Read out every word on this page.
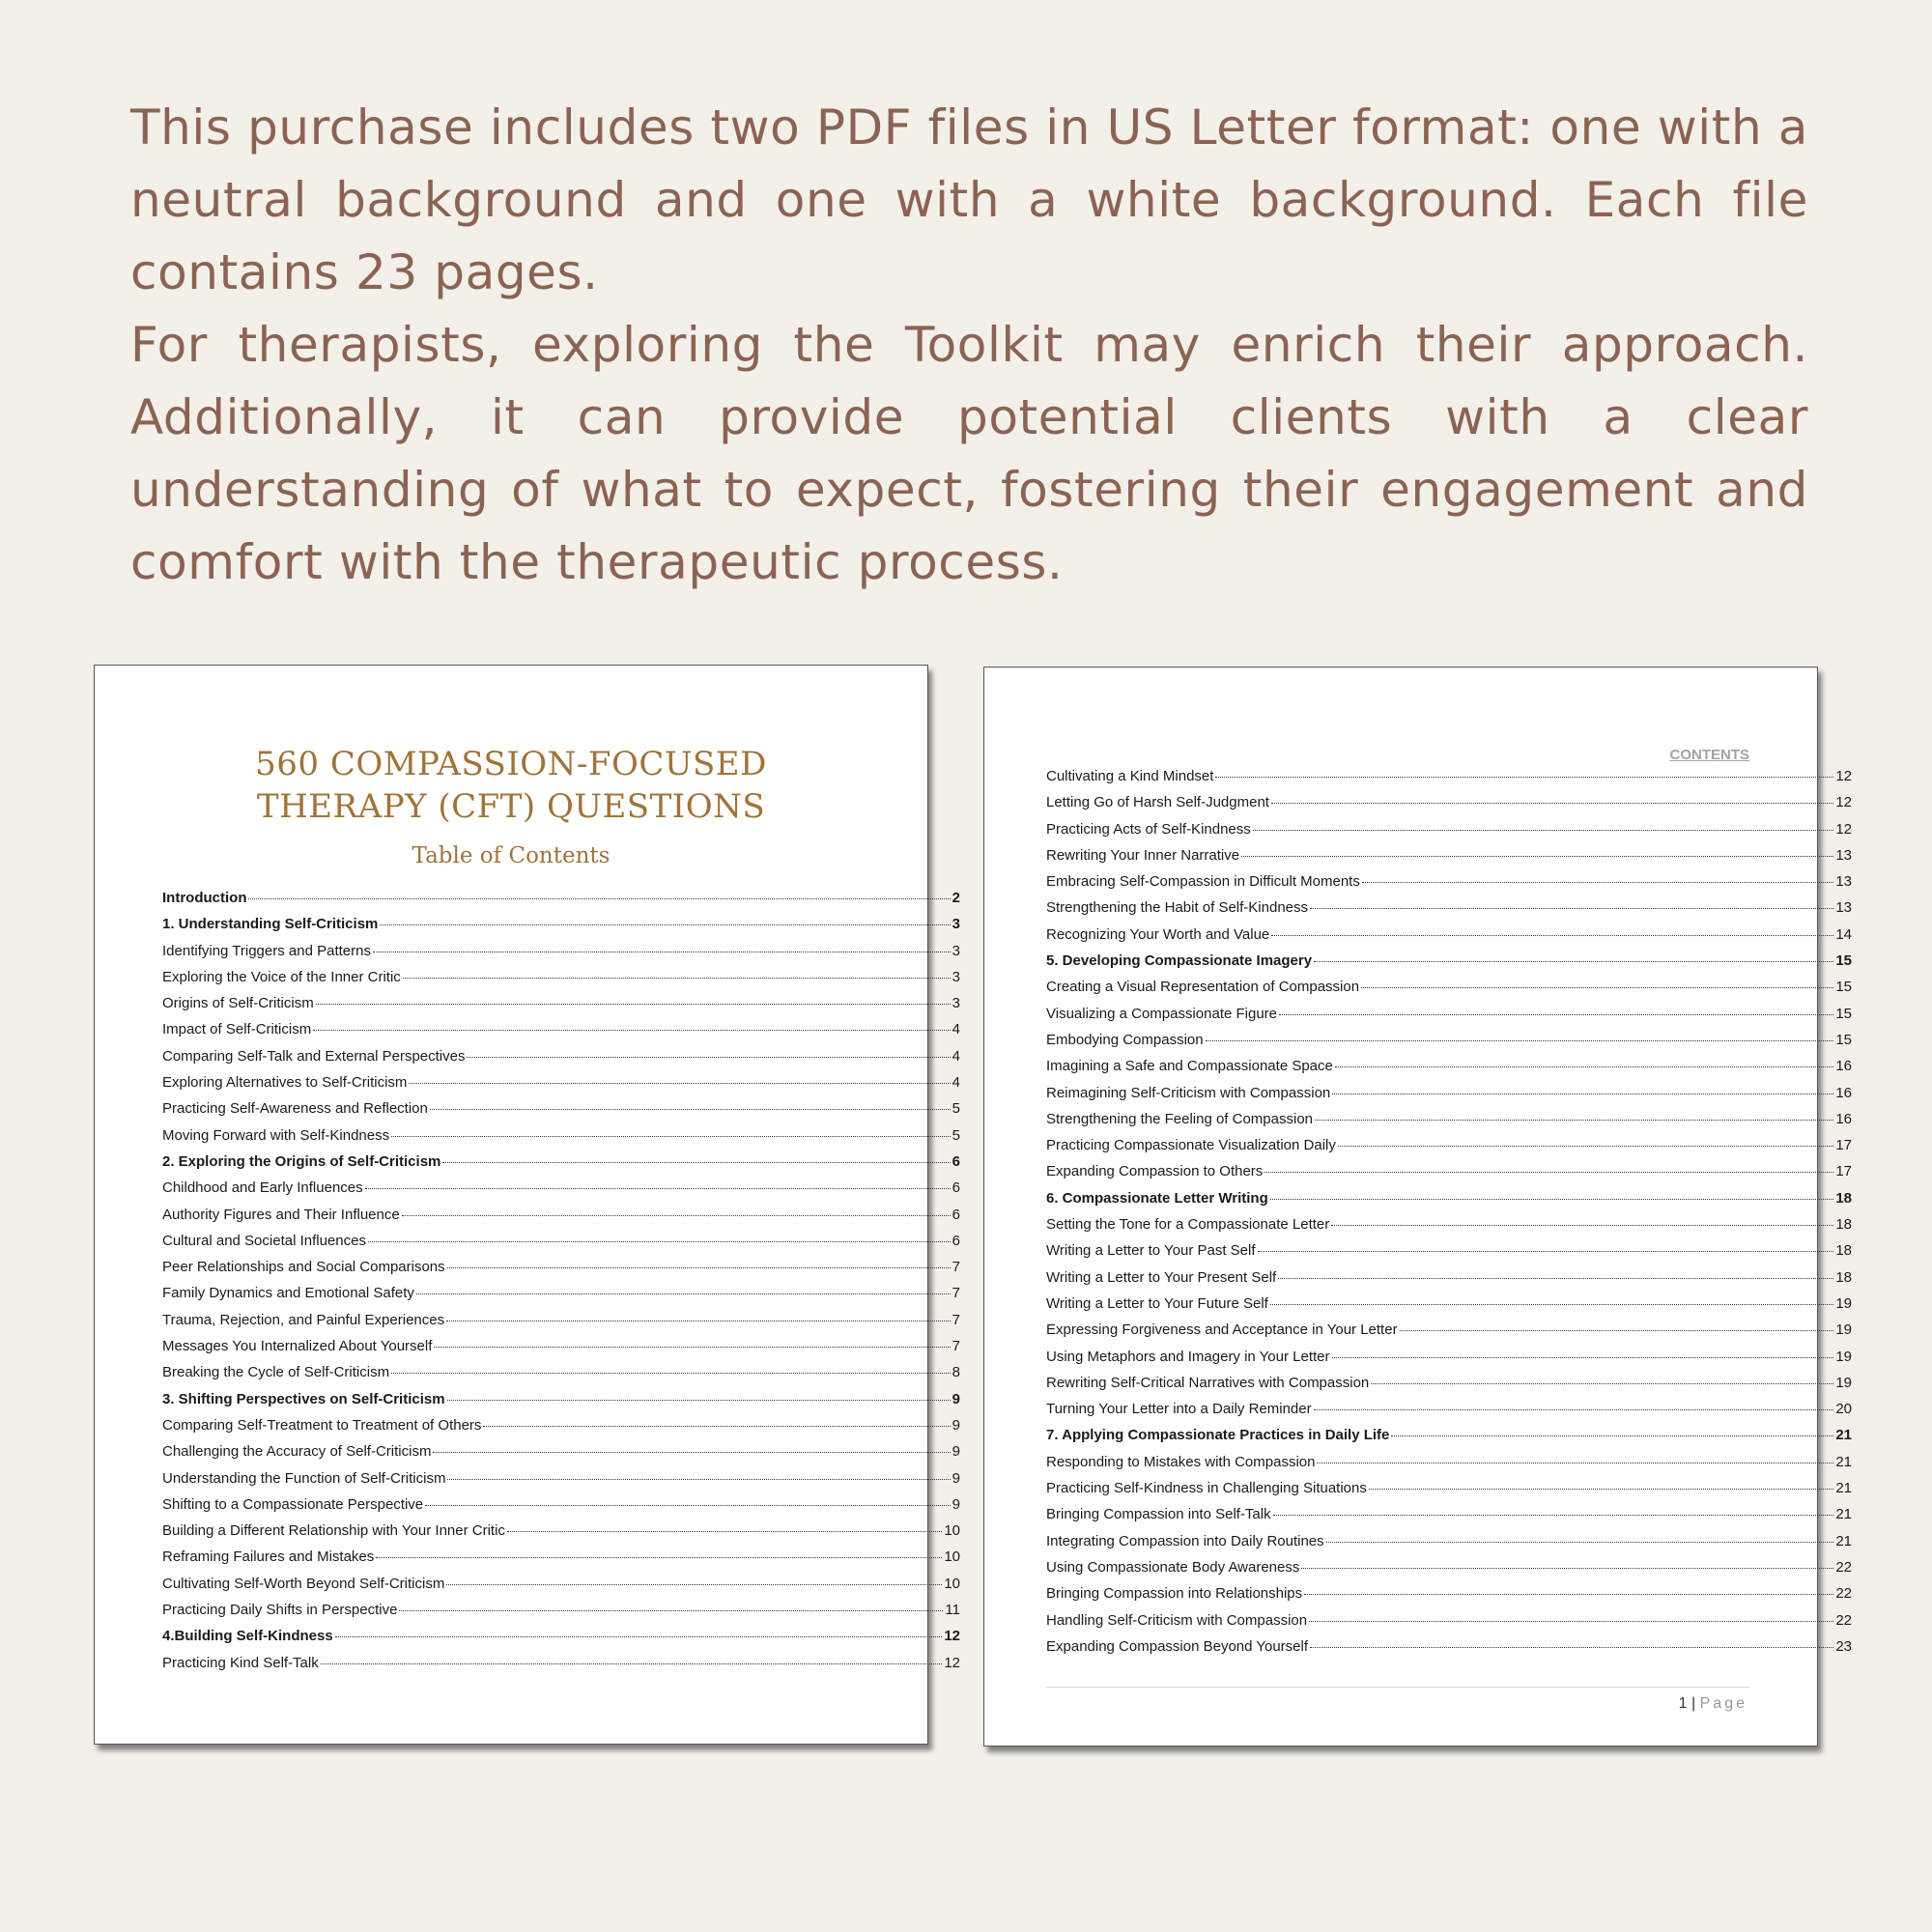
This purchase includes two PDF files in US Letter format: one with a neutral background and one with a white background. Each file contains 23 pages.

For therapists, exploring the Toolkit may enrich their approach. Additionally, it can provide potential clients with a clear understanding of what to expect, fostering their engagement and comfort with the therapeutic process.

560 COMPASSION-FOCUSED
THERAPY (CFT) QUESTIONS
Table of Contents
Introduction	2
1. Understanding Self-Criticism	3
Identifying Triggers and Patterns	3
Exploring the Voice of the Inner Critic	3
Origins of Self-Criticism	3
Impact of Self-Criticism	4
Comparing Self-Talk and External Perspectives	4
Exploring Alternatives to Self-Criticism	4
Practicing Self-Awareness and Reflection	5
Moving Forward with Self-Kindness	5
2. Exploring the Origins of Self-Criticism	6
Childhood and Early Influences	6
Authority Figures and Their Influence	6
Cultural and Societal Influences	6
Peer Relationships and Social Comparisons	7
Family Dynamics and Emotional Safety	7
Trauma, Rejection, and Painful Experiences	7
Messages You Internalized About Yourself	7
Breaking the Cycle of Self-Criticism	8
3. Shifting Perspectives on Self-Criticism	9
Comparing Self-Treatment to Treatment of Others	9
Challenging the Accuracy of Self-Criticism	9
Understanding the Function of Self-Criticism	9
Shifting to a Compassionate Perspective	9
Building a Different Relationship with Your Inner Critic	10
Reframing Failures and Mistakes	10
Cultivating Self-Worth Beyond Self-Criticism	10
Practicing Daily Shifts in Perspective	11
4.Building Self-Kindness	12
Practicing Kind Self-Talk	12
CONTENTS
Cultivating a Kind Mindset	12
Letting Go of Harsh Self-Judgment	12
Practicing Acts of Self-Kindness	12
Rewriting Your Inner Narrative	13
Embracing Self-Compassion in Difficult Moments	13
Strengthening the Habit of Self-Kindness	13
Recognizing Your Worth and Value	14
5. Developing Compassionate Imagery	15
Creating a Visual Representation of Compassion	15
Visualizing a Compassionate Figure	15
Embodying Compassion	15
Imagining a Safe and Compassionate Space	16
Reimagining Self-Criticism with Compassion	16
Strengthening the Feeling of Compassion	16
Practicing Compassionate Visualization Daily	17
Expanding Compassion to Others	17
6. Compassionate Letter Writing	18
Setting the Tone for a Compassionate Letter	18
Writing a Letter to Your Past Self	18
Writing a Letter to Your Present Self	18
Writing a Letter to Your Future Self	19
Expressing Forgiveness and Acceptance in Your Letter	19
Using Metaphors and Imagery in Your Letter	19
Rewriting Self-Critical Narratives with Compassion	19
Turning Your Letter into a Daily Reminder	20
7. Applying Compassionate Practices in Daily Life	21
Responding to Mistakes with Compassion	21
Practicing Self-Kindness in Challenging Situations	21
Bringing Compassion into Self-Talk	21
Integrating Compassion into Daily Routines	21
Using Compassionate Body Awareness	22
Bringing Compassion into Relationships	22
Handling Self-Criticism with Compassion	22
Expanding Compassion Beyond Yourself	23
1 | Page
